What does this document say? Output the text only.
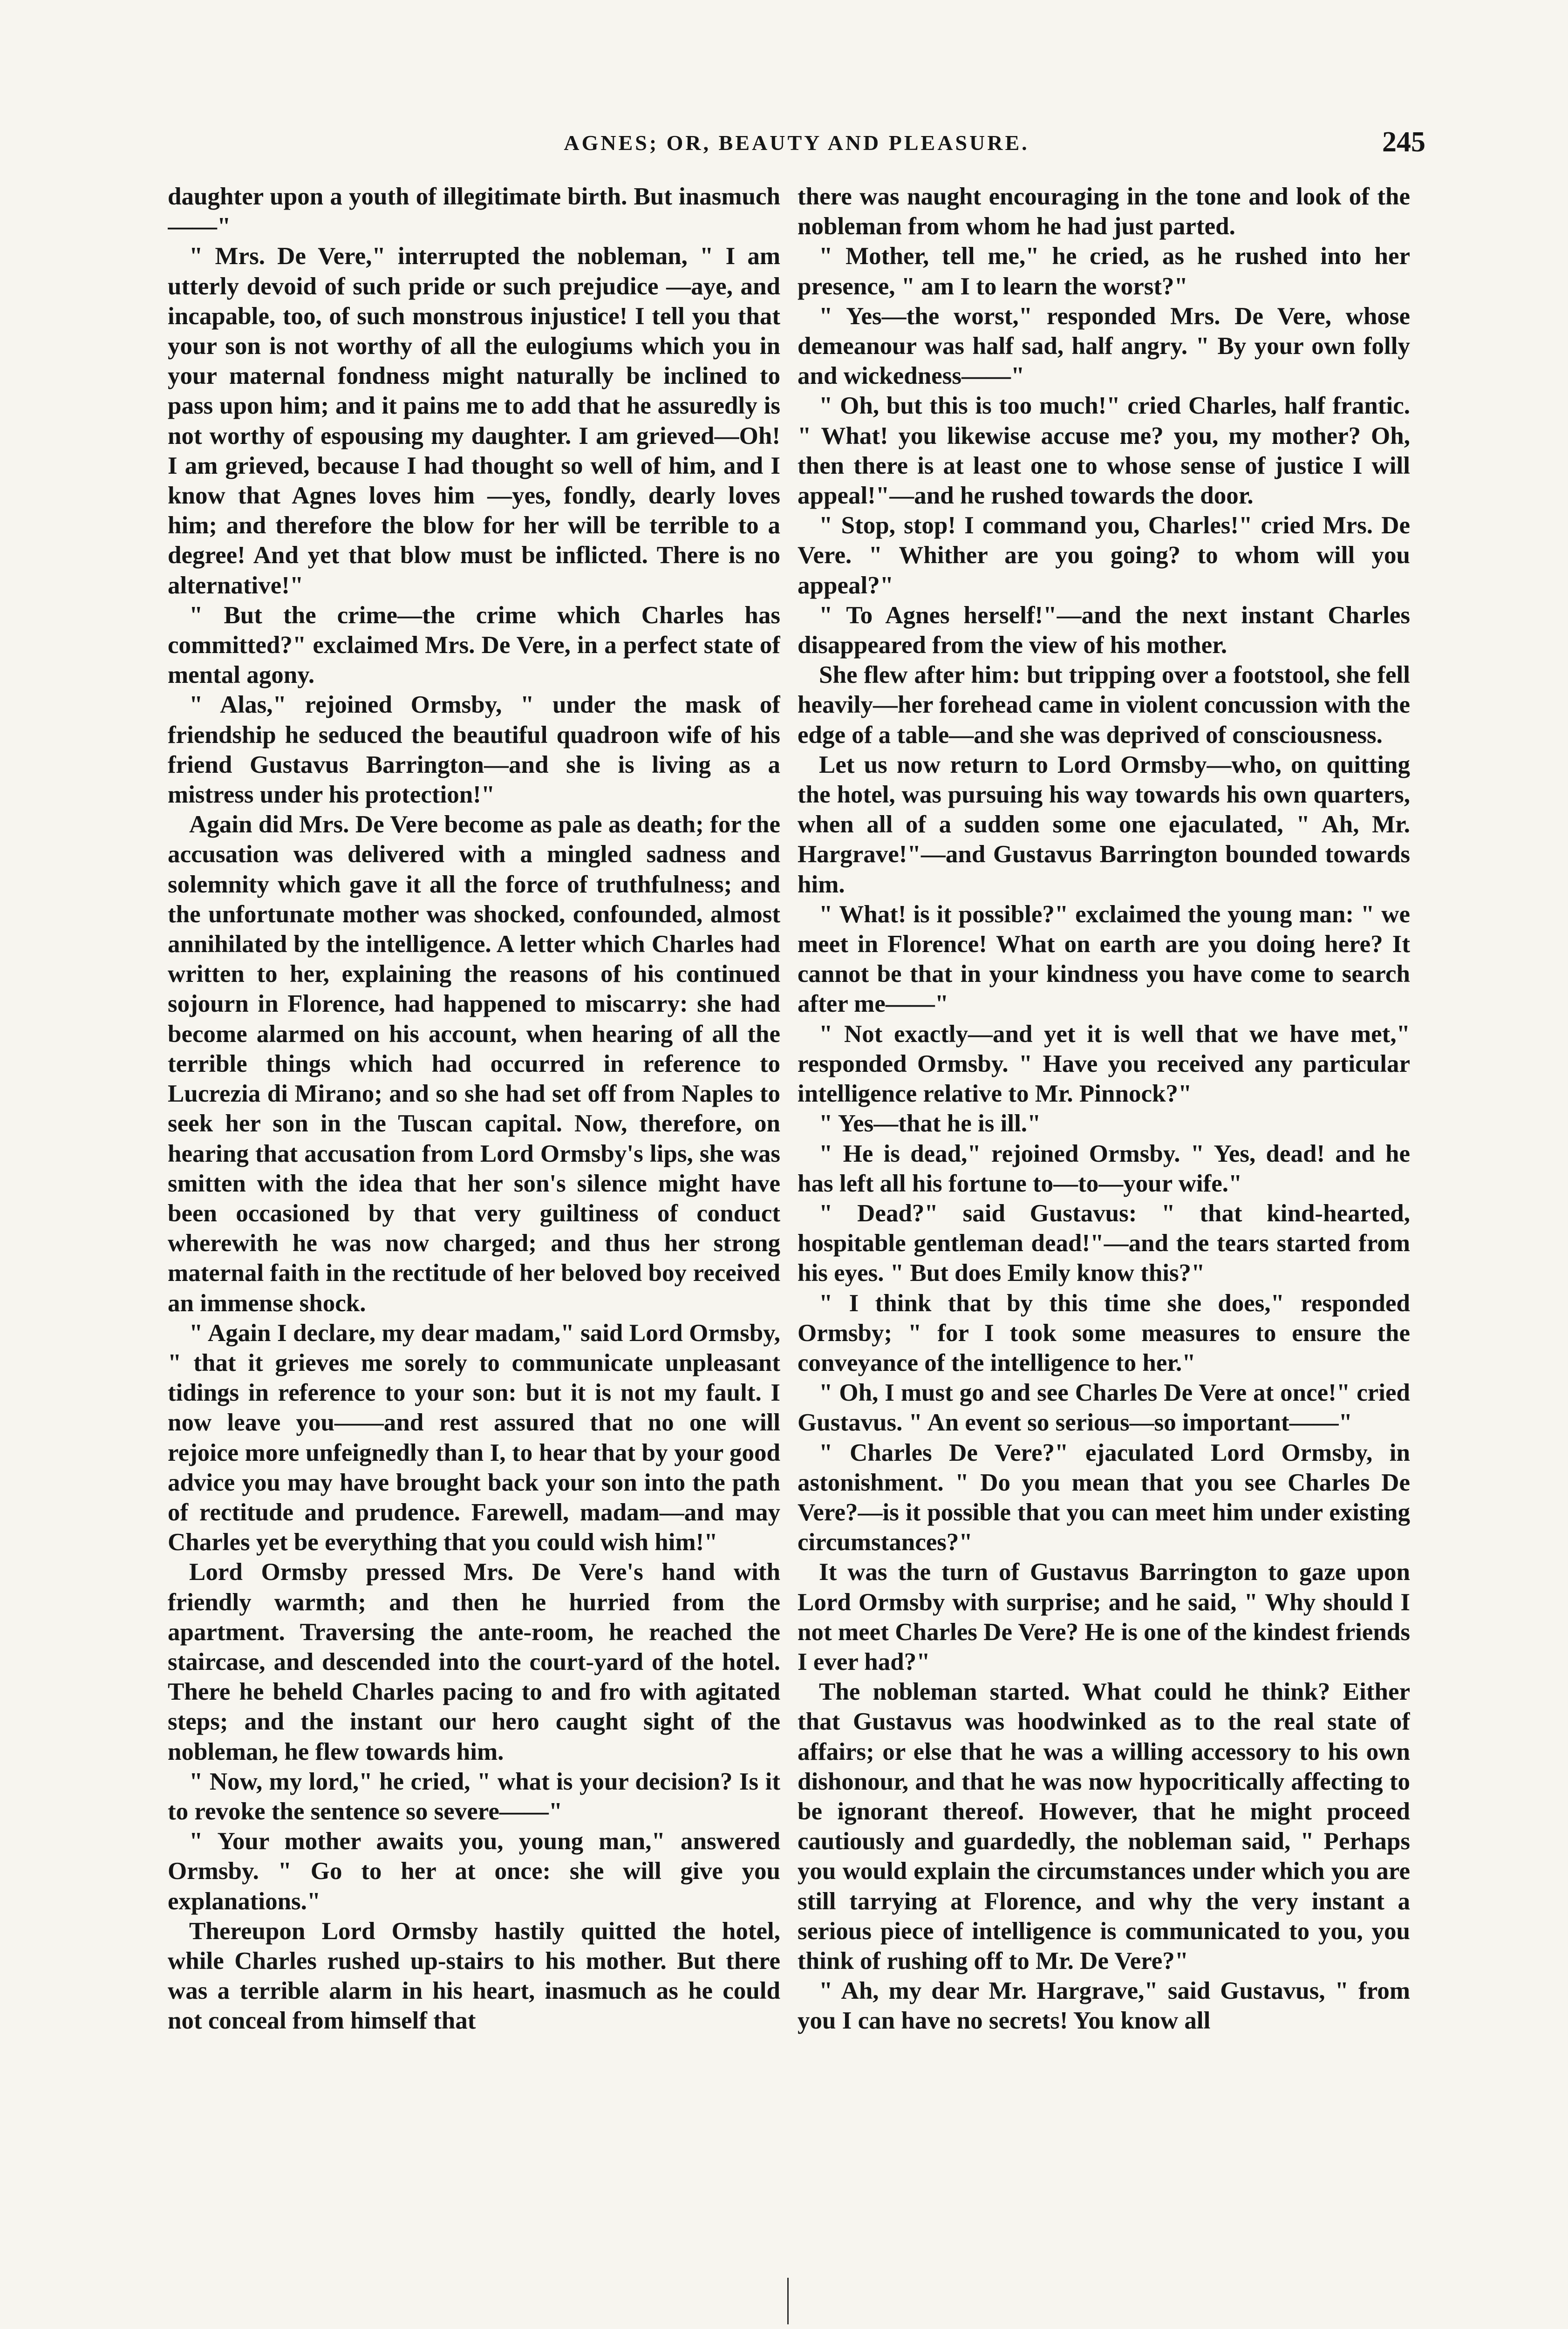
AGNES; OR, BEAUTY AND PLEASURE.	245

daughter upon a youth of illegitimate birth. But inasmuch——"

" Mrs. De Vere," interrupted the nobleman, " I am utterly devoid of such pride or such prejudice —aye, and incapable, too, of such monstrous injustice! I tell you that your son is not worthy of all the eulogiums which you in your maternal fondness might naturally be inclined to pass upon him; and it pains me to add that he assuredly is not worthy of espousing my daughter. I am grieved—Oh! I am grieved, because I had thought so well of him, and I know that Agnes loves him —yes, fondly, dearly loves him; and therefore the blow for her will be terrible to a degree! And yet that blow must be inflicted. There is no alternative!"

" But the crime—the crime which Charles has committed?" exclaimed Mrs. De Vere, in a perfect state of mental agony.

" Alas," rejoined Ormsby, " under the mask of friendship he seduced the beautiful quadroon wife of his friend Gustavus Barrington—and she is living as a mistress under his protection!"

Again did Mrs. De Vere become as pale as death; for the accusation was delivered with a mingled sadness and solemnity which gave it all the force of truthfulness; and the unfortunate mother was shocked, confounded, almost annihilated by the intelligence. A letter which Charles had written to her, explaining the reasons of his continued sojourn in Florence, had happened to miscarry: she had become alarmed on his account, when hearing of all the terrible things which had occurred in reference to Lucrezia di Mirano; and so she had set off from Naples to seek her son in the Tuscan capital. Now, therefore, on hearing that accusation from Lord Ormsby's lips, she was smitten with the idea that her son's silence might have been occasioned by that very guiltiness of conduct wherewith he was now charged; and thus her strong maternal faith in the rectitude of her beloved boy received an immense shock.

" Again I declare, my dear madam," said Lord Ormsby, " that it grieves me sorely to communicate unpleasant tidings in reference to your son: but it is not my fault. I now leave you——and rest assured that no one will rejoice more unfeignedly than I, to hear that by your good advice you may have brought back your son into the path of rectitude and prudence. Farewell, madam—and may Charles yet be everything that you could wish him!"

Lord Ormsby pressed Mrs. De Vere's hand with friendly warmth; and then he hurried from the apartment. Traversing the ante-room, he reached the staircase, and descended into the court-yard of the hotel. There he beheld Charles pacing to and fro with agitated steps; and the instant our hero caught sight of the nobleman, he flew towards him.

" Now, my lord," he cried, " what is your decision? Is it to revoke the sentence so severe——"

" Your mother awaits you, young man," answered Ormsby. " Go to her at once: she will give you explanations."

Thereupon Lord Ormsby hastily quitted the hotel, while Charles rushed up-stairs to his mother. But there was a terrible alarm in his heart, inasmuch as he could not conceal from himself that

there was naught encouraging in the tone and look of the nobleman from whom he had just parted.

" Mother, tell me," he cried, as he rushed into her presence, " am I to learn the worst?"

" Yes—the worst," responded Mrs. De Vere, whose demeanour was half sad, half angry. " By your own folly and wickedness——"

" Oh, but this is too much!" cried Charles, half frantic. " What! you likewise accuse me? you, my mother? Oh, then there is at least one to whose sense of justice I will appeal!"—and he rushed towards the door.

" Stop, stop! I command you, Charles!" cried Mrs. De Vere. " Whither are you going? to whom will you appeal?"

" To Agnes herself!"—and the next instant Charles disappeared from the view of his mother.

She flew after him: but tripping over a footstool, she fell heavily—her forehead came in violent concussion with the edge of a table—and she was deprived of consciousness.

Let us now return to Lord Ormsby—who, on quitting the hotel, was pursuing his way towards his own quarters, when all of a sudden some one ejaculated, " Ah, Mr. Hargrave!"—and Gustavus Barrington bounded towards him.

" What! is it possible?" exclaimed the young man: " we meet in Florence! What on earth are you doing here? It cannot be that in your kindness you have come to search after me——"

" Not exactly—and yet it is well that we have met," responded Ormsby. " Have you received any particular intelligence relative to Mr. Pinnock?"

" Yes—that he is ill."

" He is dead," rejoined Ormsby. " Yes, dead! and he has left all his fortune to—to—your wife."

" Dead?" said Gustavus: " that kind-hearted, hospitable gentleman dead!"—and the tears started from his eyes. " But does Emily know this?"

" I think that by this time she does," responded Ormsby; " for I took some measures to ensure the conveyance of the intelligence to her."

" Oh, I must go and see Charles De Vere at once!" cried Gustavus. " An event so serious—so important——"

" Charles De Vere?" ejaculated Lord Ormsby, in astonishment. " Do you mean that you see Charles De Vere?—is it possible that you can meet him under existing circumstances?"

It was the turn of Gustavus Barrington to gaze upon Lord Ormsby with surprise; and he said, " Why should I not meet Charles De Vere? He is one of the kindest friends I ever had?"

The nobleman started. What could he think? Either that Gustavus was hoodwinked as to the real state of affairs; or else that he was a willing accessory to his own dishonour, and that he was now hypocritically affecting to be ignorant thereof. However, that he might proceed cautiously and guardedly, the nobleman said, " Perhaps you would explain the circumstances under which you are still tarrying at Florence, and why the very instant a serious piece of intelligence is communicated to you, you think of rushing off to Mr. De Vere?"

" Ah, my dear Mr. Hargrave," said Gustavus, " from you I can have no secrets! You know all
